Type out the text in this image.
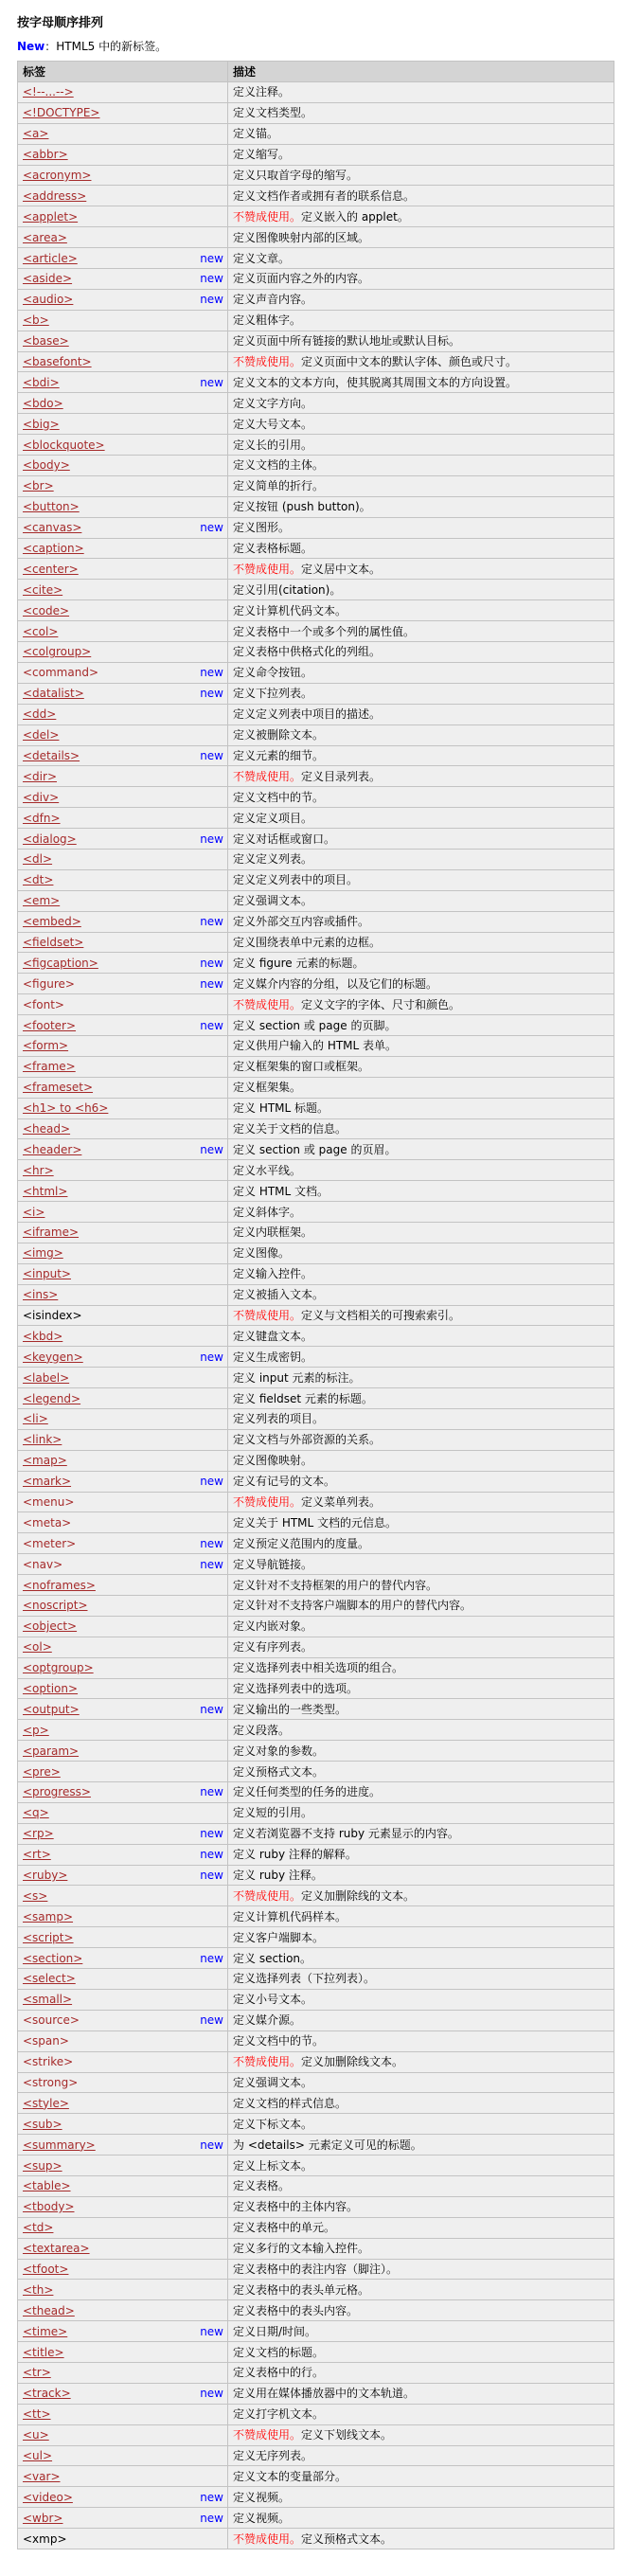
按字母顺序排列
New：HTML5 中的新标签。
标签	描述
<!--...-->	定义注释。
<!DOCTYPE>	定义文档类型。
<a>	定义锚。
<abbr>	定义缩写。
<acronym>	定义只取首字母的缩写。
<address>	定义文档作者或拥有者的联系信息。
<applet>	不赞成使用。定义嵌入的 applet。
<area>	定义图像映射内部的区域。
<article> new	定义文章。
<aside> new	定义页面内容之外的内容。
<audio> new	定义声音内容。
<b>	定义粗体字。
<base>	定义页面中所有链接的默认地址或默认目标。
<basefont>	不赞成使用。定义页面中文本的默认字体、颜色或尺寸。
<bdi> new	定义文本的文本方向，使其脱离其周围文本的方向设置。
<bdo>	定义文字方向。
<big>	定义大号文本。
<blockquote>	定义长的引用。
<body>	定义文档的主体。
<br>	定义简单的折行。
<button>	定义按钮 (push button)。
<canvas> new	定义图形。
<caption>	定义表格标题。
<center>	不赞成使用。定义居中文本。
<cite>	定义引用(citation)。
<code>	定义计算机代码文本。
<col>	定义表格中一个或多个列的属性值。
<colgroup>	定义表格中供格式化的列组。
<command> new	定义命令按钮。
<datalist> new	定义下拉列表。
<dd>	定义定义列表中项目的描述。
<del>	定义被删除文本。
<details> new	定义元素的细节。
<dir>	不赞成使用。定义目录列表。
<div>	定义文档中的节。
<dfn>	定义定义项目。
<dialog> new	定义对话框或窗口。
<dl>	定义定义列表。
<dt>	定义定义列表中的项目。
<em>	定义强调文本。
<embed> new	定义外部交互内容或插件。
<fieldset>	定义围绕表单中元素的边框。
<figcaption> new	定义 figure 元素的标题。
<figure> new	定义媒介内容的分组，以及它们的标题。
<font>	不赞成使用。定义文字的字体、尺寸和颜色。
<footer> new	定义 section 或 page 的页脚。
<form>	定义供用户输入的 HTML 表单。
<frame>	定义框架集的窗口或框架。
<frameset>	定义框架集。
<h1> to <h6>	定义 HTML 标题。
<head>	定义关于文档的信息。
<header> new	定义 section 或 page 的页眉。
<hr>	定义水平线。
<html>	定义 HTML 文档。
<i>	定义斜体字。
<iframe>	定义内联框架。
<img>	定义图像。
<input>	定义输入控件。
<ins>	定义被插入文本。
<isindex>	不赞成使用。定义与文档相关的可搜索索引。
<kbd>	定义键盘文本。
<keygen> new	定义生成密钥。
<label>	定义 input 元素的标注。
<legend>	定义 fieldset 元素的标题。
<li>	定义列表的项目。
<link>	定义文档与外部资源的关系。
<map>	定义图像映射。
<mark> new	定义有记号的文本。
<menu>	不赞成使用。定义菜单列表。
<meta>	定义关于 HTML 文档的元信息。
<meter> new	定义预定义范围内的度量。
<nav> new	定义导航链接。
<noframes>	定义针对不支持框架的用户的替代内容。
<noscript>	定义针对不支持客户端脚本的用户的替代内容。
<object>	定义内嵌对象。
<ol>	定义有序列表。
<optgroup>	定义选择列表中相关选项的组合。
<option>	定义选择列表中的选项。
<output> new	定义输出的一些类型。
<p>	定义段落。
<param>	定义对象的参数。
<pre>	定义预格式文本。
<progress> new	定义任何类型的任务的进度。
<q>	定义短的引用。
<rp> new	定义若浏览器不支持 ruby 元素显示的内容。
<rt> new	定义 ruby 注释的解释。
<ruby> new	定义 ruby 注释。
<s>	不赞成使用。定义加删除线的文本。
<samp>	定义计算机代码样本。
<script>	定义客户端脚本。
<section> new	定义 section。
<select>	定义选择列表（下拉列表）。
<small>	定义小号文本。
<source> new	定义媒介源。
<span>	定义文档中的节。
<strike>	不赞成使用。定义加删除线文本。
<strong>	定义强调文本。
<style>	定义文档的样式信息。
<sub>	定义下标文本。
<summary> new	为 <details> 元素定义可见的标题。
<sup>	定义上标文本。
<table>	定义表格。
<tbody>	定义表格中的主体内容。
<td>	定义表格中的单元。
<textarea>	定义多行的文本输入控件。
<tfoot>	定义表格中的表注内容（脚注）。
<th>	定义表格中的表头单元格。
<thead>	定义表格中的表头内容。
<time> new	定义日期/时间。
<title>	定义文档的标题。
<tr>	定义表格中的行。
<track> new	定义用在媒体播放器中的文本轨道。
<tt>	定义打字机文本。
<u>	不赞成使用。定义下划线文本。
<ul>	定义无序列表。
<var>	定义文本的变量部分。
<video> new	定义视频。
<wbr> new	定义视频。
<xmp>	不赞成使用。定义预格式文本。
